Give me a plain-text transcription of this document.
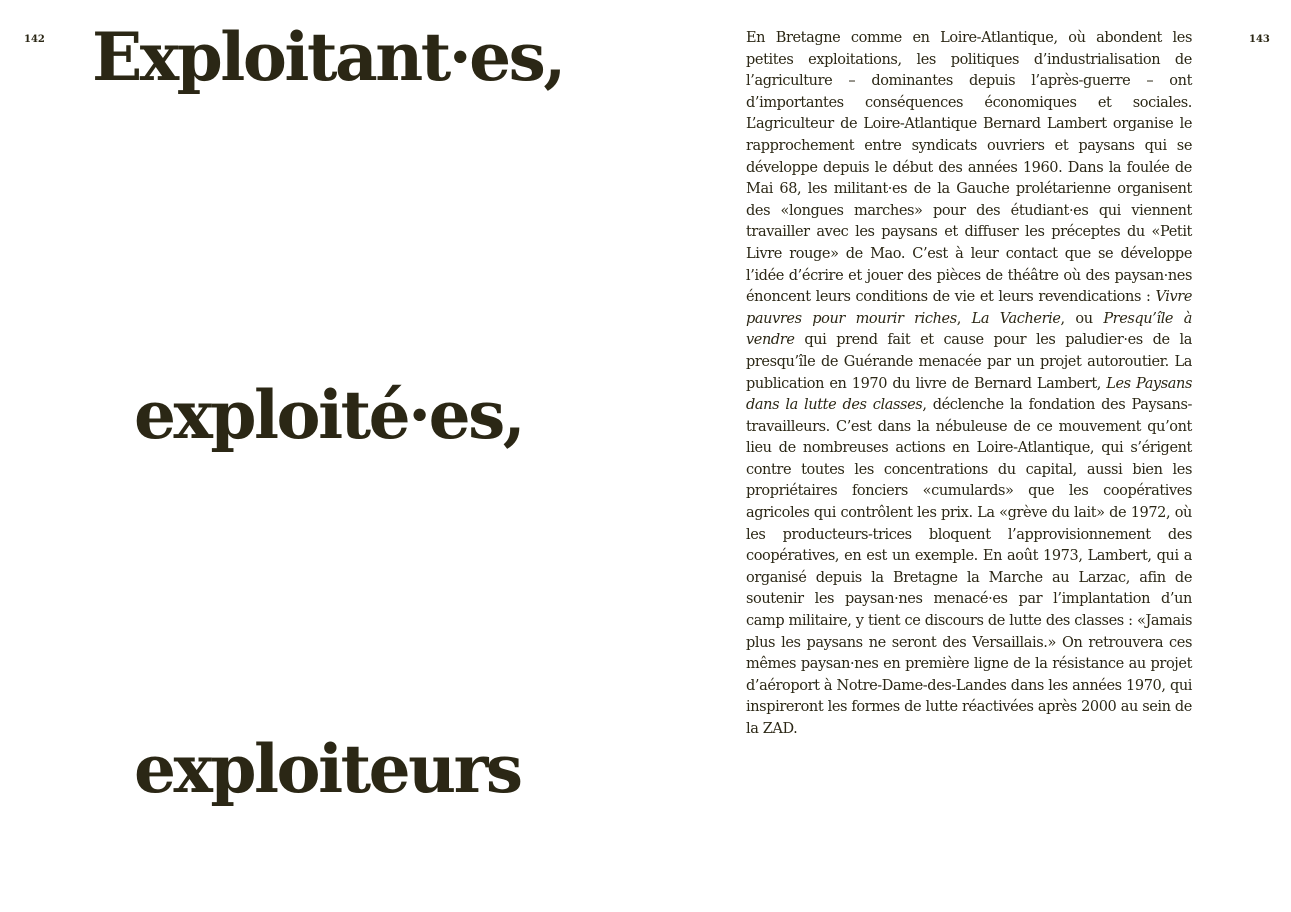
142	143
Exploitant·es,
exploité·es,
exploiteurs

En Bretagne comme en Loire-Atlantique, où abondent les petites exploitations, les politiques d’industrialisation de l’agriculture – dominantes depuis l’après-guerre – ont d’importantes conséquences économiques et sociales. L’agriculteur de Loire-Atlantique Bernard Lambert organise le rapprochement entre syndicats ouvriers et paysans qui se développe depuis le début des années 1960. Dans la foulée de Mai 68, les militant·es de la Gauche prolétarienne organisent des «longues marches» pour des étudiant·es qui viennent travailler avec les paysans et diffuser les préceptes du «Petit Livre rouge» de Mao. C’est à leur contact que se développe l’idée d’écrire et jouer des pièces de théâtre où des paysan·nes énoncent leurs conditions de vie et leurs revendications : Vivre pauvres pour mourir riches, La Vacherie, ou Presqu’île à vendre qui prend fait et cause pour les paludier·es de la presqu’île de Guérande menacée par un projet autoroutier. La publication en 1970 du livre de Bernard Lambert, Les Paysans dans la lutte des classes, déclenche la fondation des Paysans-travailleurs. C’est dans la nébuleuse de ce mouvement qu’ont lieu de nombreuses actions en Loire-Atlantique, qui s’érigent contre toutes les concentrations du capital, aussi bien les propriétaires fonciers «cumulards» que les coopératives agricoles qui contrôlent les prix. La «grève du lait» de 1972, où les producteurs-trices bloquent l’approvisionnement des coopératives, en est un exemple. En août 1973, Lambert, qui a organisé depuis la Bretagne la Marche au Larzac, afin de soutenir les paysan·nes menacé·es par l’implantation d’un camp militaire, y tient ce discours de lutte des classes : «Jamais plus les paysans ne seront des Versaillais.» On retrouvera ces mêmes paysan·nes en première ligne de la résistance au projet d’aéroport à Notre-Dame-des-Landes dans les années 1970, qui inspireront les formes de lutte réactivées après 2000 au sein de la ZAD.
